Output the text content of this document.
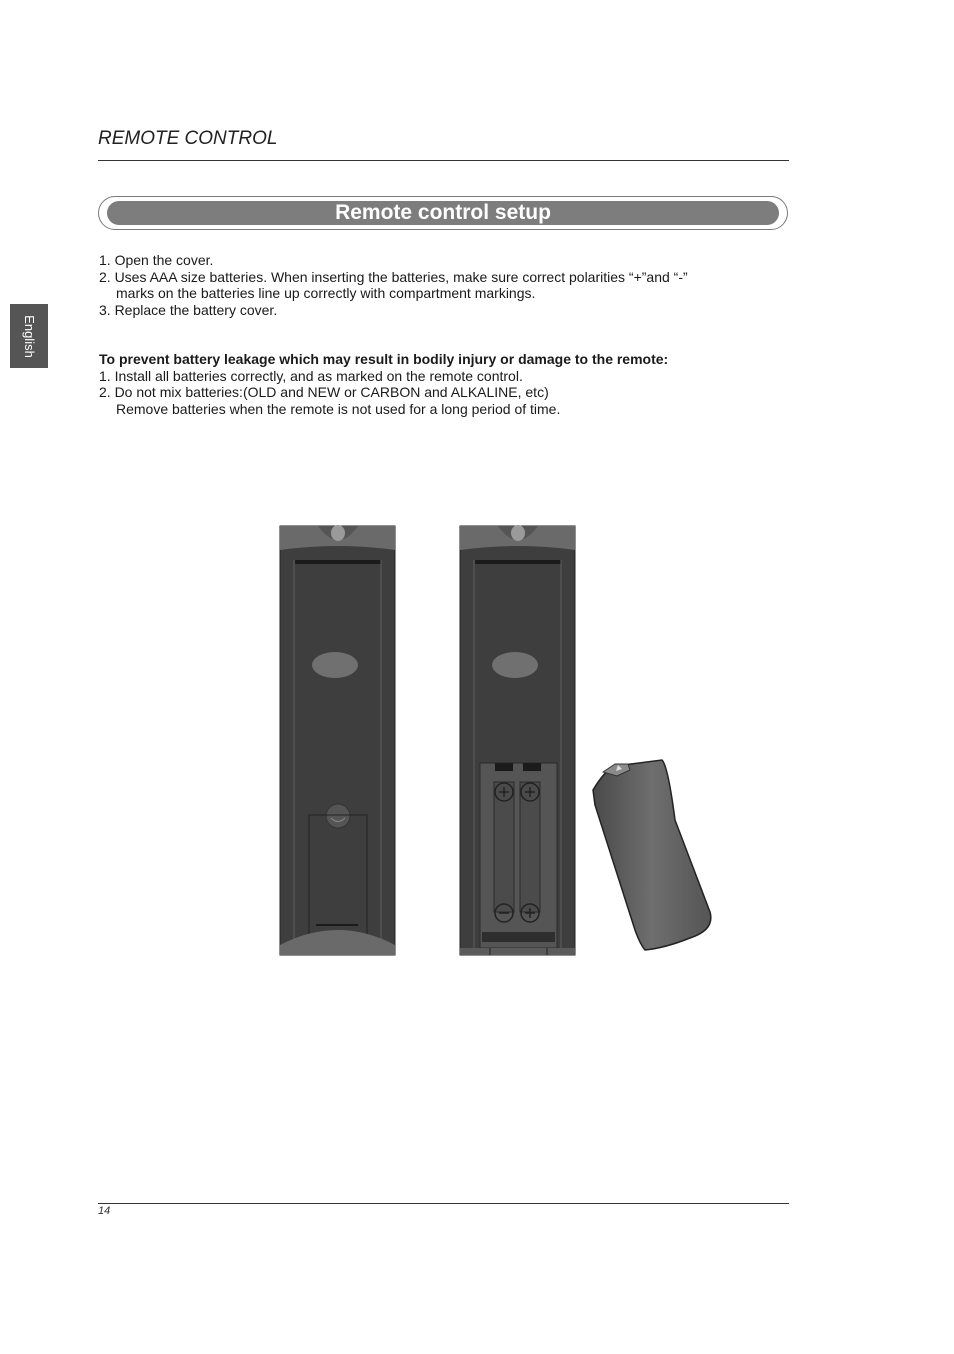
REMOTE CONTROL
Remote control setup
English
1. Open the cover.
2. Uses AAA size batteries. When inserting the batteries, make sure correct polarities “+”and “-”
marks on the batteries line up correctly with compartment markings.
3. Replace the battery cover.
To prevent battery leakage which may result in bodily injury or damage to the remote:
1. Install all batteries correctly, and as marked on the remote control.
2. Do not mix batteries:(OLD and NEW or CARBON and ALKALINE, etc)
Remove batteries when the remote is not used for a long period of time.
14
